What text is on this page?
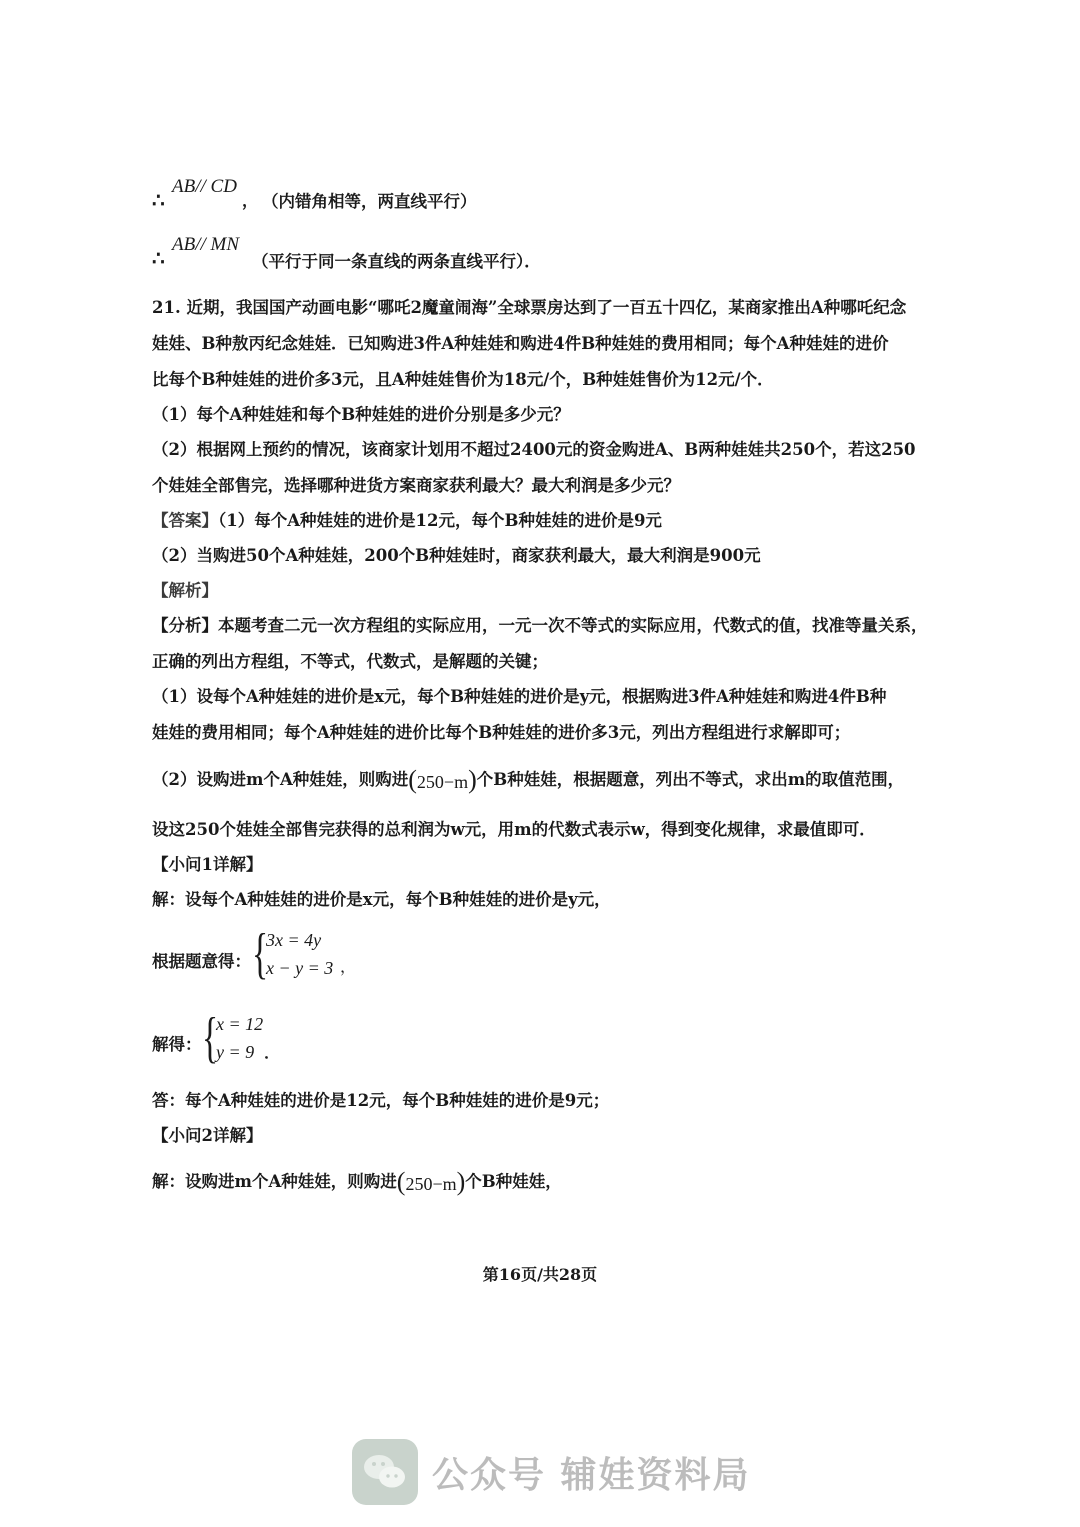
∴
AB// CD
， （内错角相等，两直线平行）
∴
AB// MN
（平行于同一条直线的两条直线平行）．
21. 近期，我国国产动画电影“哪吒2魔童闹海”全球票房达到了一百五十四亿，某商家推出A种哪吒纪念
娃娃、B种敖丙纪念娃娃．已知购进3件A种娃娃和购进4件B种娃娃的费用相同；每个A种娃娃的进价
比每个B种娃娃的进价多3元，且A种娃娃售价为18元/个，B种娃娃售价为12元/个．
（1）每个A种娃娃和每个B种娃娃的进价分别是多少元？
（2）根据网上预约的情况，该商家计划用不超过2400元的资金购进A、B两种娃娃共250个，若这250
个娃娃全部售完，选择哪种进货方案商家获利最大？最大利润是多少元？
【答案】（1）每个A种娃娃的进价是12元，每个B种娃娃的进价是9元
（2）当购进50个A种娃娃，200个B种娃娃时，商家获利最大，最大利润是900元
【解析】
【分析】本题考查二元一次方程组的实际应用，一元一次不等式的实际应用，代数式的值，找准等量关系，
正确的列出方程组，不等式，代数式，是解题的关键；
（1）设每个A种娃娃的进价是x元，每个B种娃娃的进价是y元，根据购进3件A种娃娃和购进4件B种
娃娃的费用相同；每个A种娃娃的进价比每个B种娃娃的进价多3元，列出方程组进行求解即可；
（2）设购进m个A种娃娃，则购进(250−m)个B种娃娃，根据题意，列出不等式，求出m的取值范围，
设这250个娃娃全部售完获得的总利润为w元，用m的代数式表示w，得到变化规律，求最值即可．
【小问1详解】
解：设每个A种娃娃的进价是x元，每个B种娃娃的进价是y元，
根据题意得： {
3x = 4y
x − y = 3 ，
解得： {
x = 12
y = 9 ．
答：每个A种娃娃的进价是12元，每个B种娃娃的进价是9元；
【小问2详解】
解：设购进m个A种娃娃，则购进(250−m)个B种娃娃，
第16页/共28页
公众号 辅娃资料局
